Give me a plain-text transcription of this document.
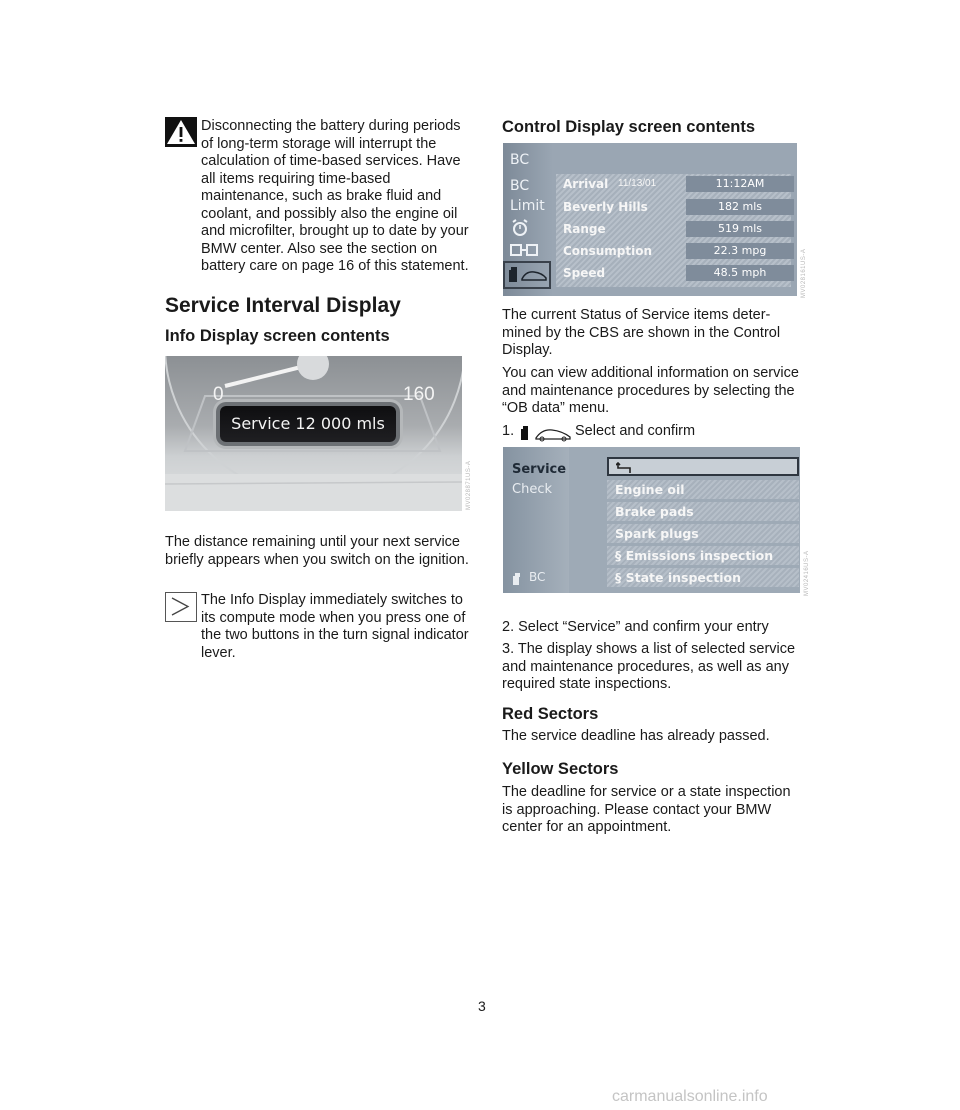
Disconnecting the battery during periods

of long-term storage will interrupt the calculation of time-based services. Have all items requiring time-based maintenance, such as brake fluid and coolant, and possibly also the engine oil and microfilter, brought up to date by your BMW center. Also see the section on battery care on page 16 of this statement.

Service Interval Display
Info Display screen contents
0	160
Service 12 000 mls
MV028871US-A

The distance remaining until your next service briefly appears when you switch on the ignition.

The Info Display immediately switches to

its compute mode when you press one of the two buttons in the turn signal indicator lever.

Control Display screen contents
BC
BC
Limit
Arrival 11/13/01	11:12AM
Beverly Hills	182 mls
Range	519 mls
Consumption	22.3 mpg
Speed	48.5 mph	MV028161US-A

The current Status of Service items deter-mined by the CBS are shown in the Control Display.

You can view additional information on service and maintenance procedures by selecting the “OB data” menu.

1.	Select and confirm
Service
Check
BC
Engine oil
Brake pads
Spark plugs
§ Emissions inspection
§ State inspection	MV02416US-A

2. Select “Service” and confirm your entry

3. The display shows a list of selected service and maintenance procedures, as well as any required state inspections.

Red Sectors

The service deadline has already passed.

Yellow Sectors

The deadline for service or a state inspection is approaching. Please contact your BMW center for an appointment.

3
carmanualsonline.info
